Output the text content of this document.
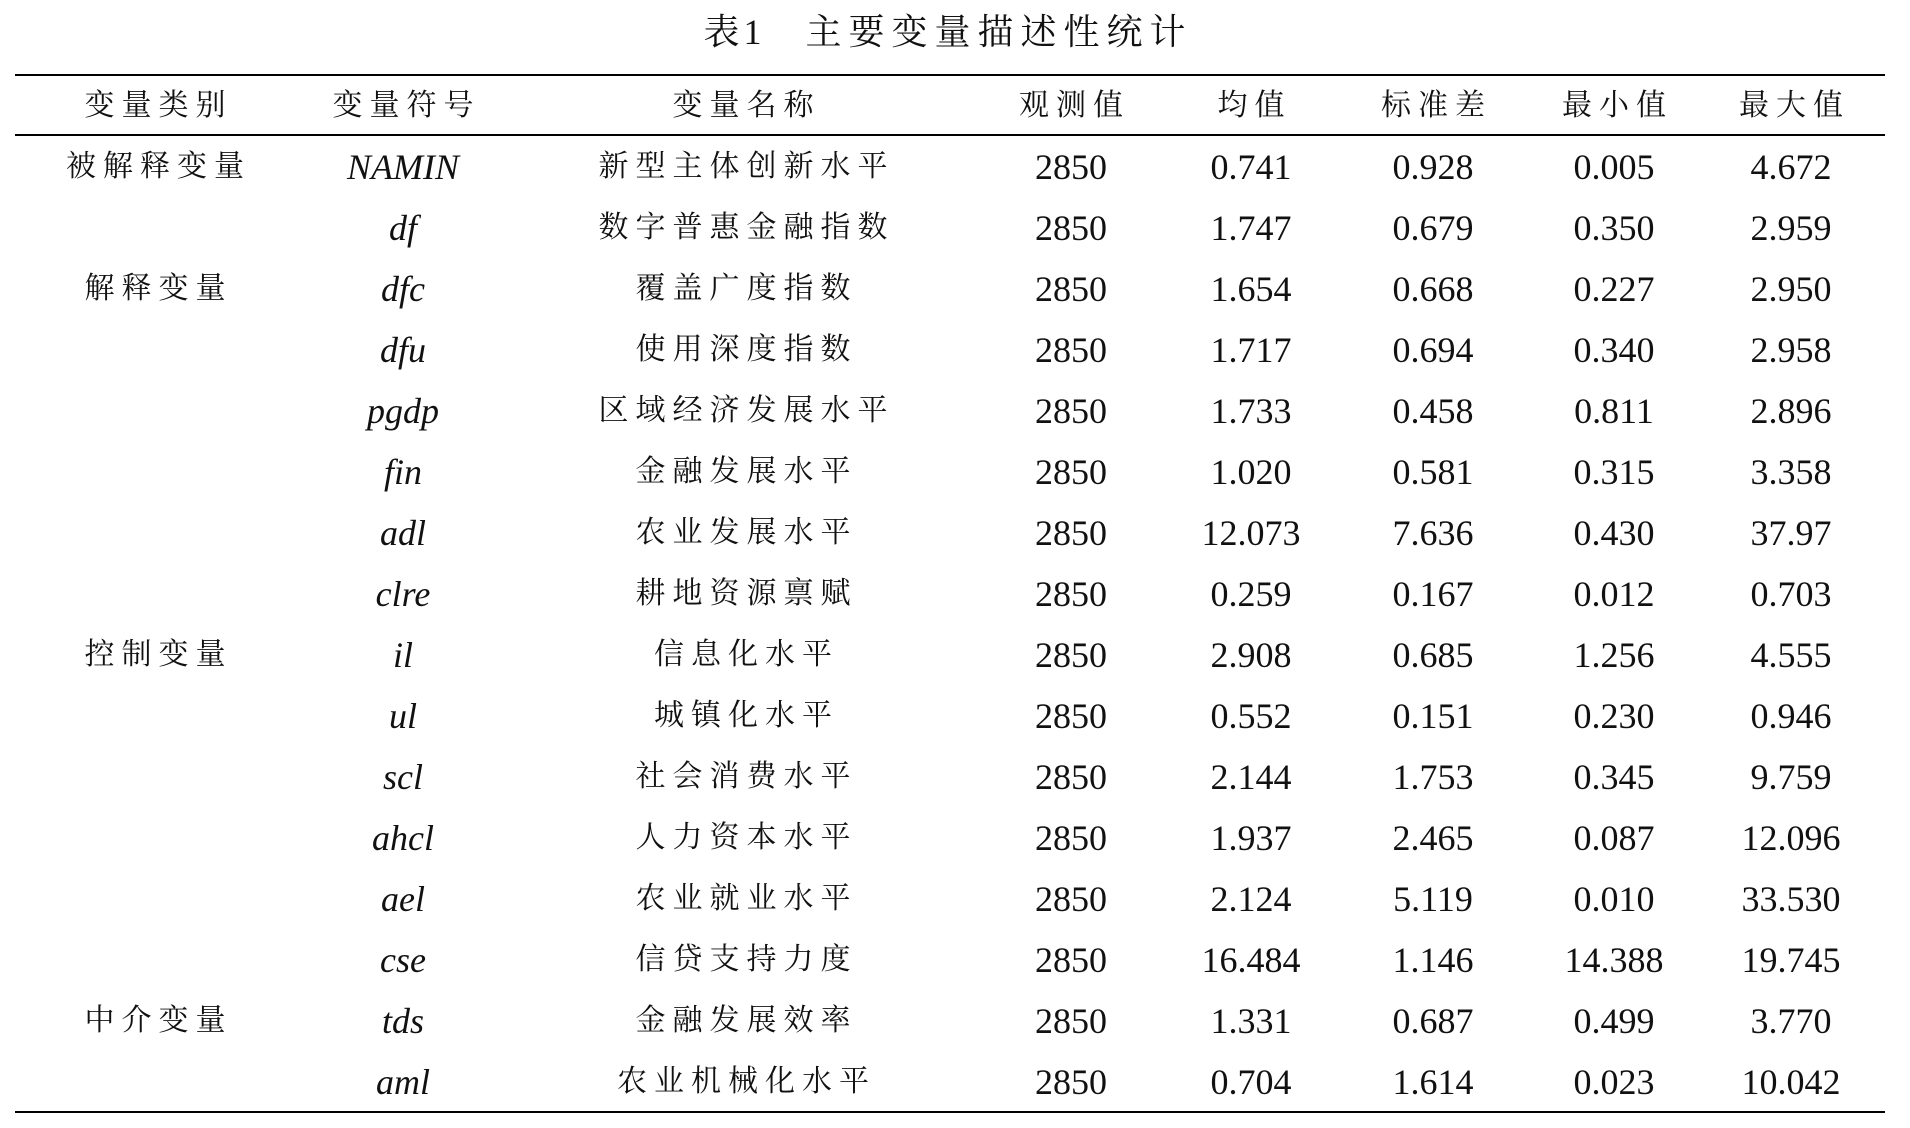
表1 主要变量描述性统计
变量类别	变量符号	变量名称	观测值	均值	标准差	最小值	最大值
被解释变量	NAMIN	新型主体创新水平	2850	0.741	0.928	0.005	4.672
解释变量	df	数字普惠金融指数	2850	1.747	0.679	0.350	2.959
	dfc	覆盖广度指数	2850	1.654	0.668	0.227	2.950
	dfu	使用深度指数	2850	1.717	0.694	0.340	2.958
控制变量	pgdp	区域经济发展水平	2850	1.733	0.458	0.811	2.896
	fin	金融发展水平	2850	1.020	0.581	0.315	3.358
	adl	农业发展水平	2850	12.073	7.636	0.430	37.97
	clre	耕地资源禀赋	2850	0.259	0.167	0.012	0.703
	il	信息化水平	2850	2.908	0.685	1.256	4.555
	ul	城镇化水平	2850	0.552	0.151	0.230	0.946
	scl	社会消费水平	2850	2.144	1.753	0.345	9.759
	ahcl	人力资本水平	2850	1.937	2.465	0.087	12.096
	ael	农业就业水平	2850	2.124	5.119	0.010	33.530
中介变量	cse	信贷支持力度	2850	16.484	1.146	14.388	19.745
	tds	金融发展效率	2850	1.331	0.687	0.499	3.770
	aml	农业机械化水平	2850	0.704	1.614	0.023	10.042
